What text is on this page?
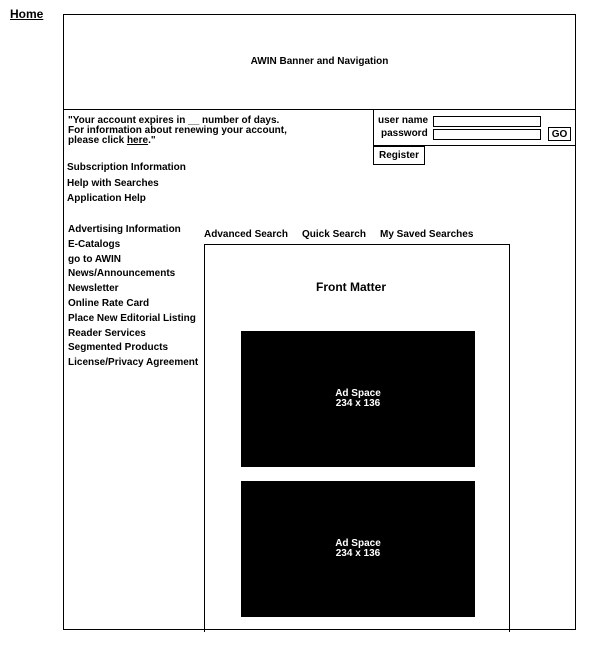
Home
AWIN Banner and Navigation
"Your account expires in __ number of days.
For information about renewing your account,
please click here."
user name
password	GO
Register
Subscription Information
Help with Searches
Application Help
Advertising Information
E-Catalogs
go to AWIN
News/Announcements
Newsletter
Online Rate Card
Place New Editorial Listing
Reader Services
Segmented Products
License/Privacy Agreement
Advanced Search Quick Search My Saved Searches
Front Matter
Ad Space
234 x 136
Ad Space
234 x 136
